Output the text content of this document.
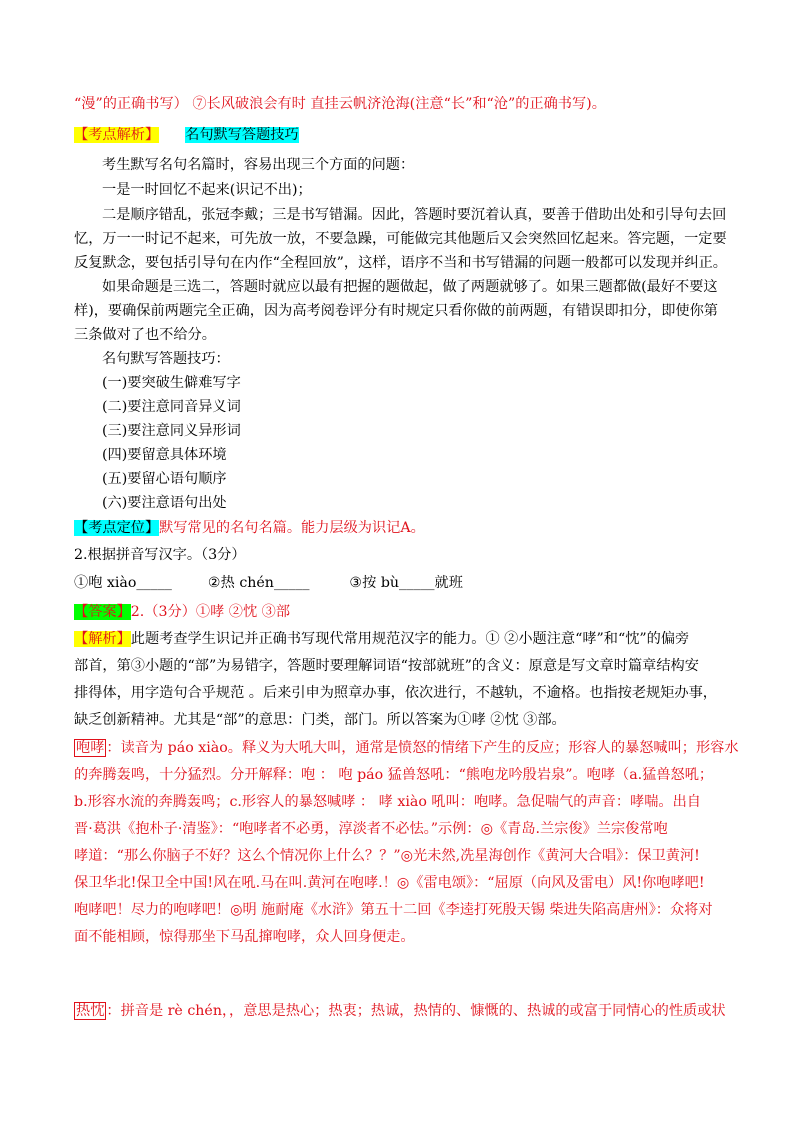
“漫”的正确书写） ⑦长风破浪会有时 直挂云帆济沧海(注意“长”和“沧”的正确书写)。
【考点解析】 名句默写答题技巧
考生默写名句名篇时，容易出现三个方面的问题：
一是一时回忆不起来(识记不出)；
二是顺序错乱，张冠李戴；三是书写错漏。因此，答题时要沉着认真，要善于借助出处和引导句去回
忆，万一一时记不起来，可先放一放，不要急躁，可能做完其他题后又会突然回忆起来。答完题，一定要
反复默念，要包括引导句在内作“全程回放”，这样，语序不当和书写错漏的问题一般都可以发现并纠正。
如果命题是三选二，答题时就应以最有把握的题做起，做了两题就够了。如果三题都做(最好不要这
样)，要确保前两题完全正确，因为高考阅卷评分有时规定只看你做的前两题，有错误即扣分，即使你第
三条做对了也不给分。
名句默写答题技巧：
(一)要突破生僻难写字
(二)要注意同音异义词
(三)要注意同义异形词
(四)要留意具体环境
(五)要留心语句顺序
(六)要注意语句出处
【考点定位】默写常见的名句名篇。能力层级为识记A。
2.根据拼音写汉字。（3分）
①咆 xiào_____	②热 chén_____	③按 bù_____就班
【答案】2.（3分）①哮 ②忱 ③部
【解析】此题考查学生识记并正确书写现代常用规范汉字的能力。① ②小题注意“哮”和“忱”的偏旁
部首，第③小题的“部”为易错字，答题时要理解词语“按部就班”的含义：原意是写文章时篇章结构安
排得体，用字造句合乎规范 。后来引申为照章办事，依次进行，不越轨，不逾格。也指按老规矩办事，
缺乏创新精神。尤其是“部”的意思：门类，部门。所以答案为①哮 ②忱 ③部。
咆哮 ：读音为 páo xiào。释义为大吼大叫，通常是愤怒的情绪下产生的反应；形容人的暴怒喊叫；形容水
的奔腾轰鸣，十分猛烈。分开解释：咆 ： 咆 páo 猛兽怒吼：“熊咆龙吟殷岩泉”。咆哮（a.猛兽怒吼；
b.形容水流的奔腾轰鸣；c.形容人的暴怒喊哮 ： 哮 xiào 吼叫：咆哮。急促喘气的声音：哮喘。出自
晋·葛洪《抱朴子·清鉴》：“咆哮者不必勇，淳淡者不必怯。”示例：◎《青岛.兰宗俊》兰宗俊常咆
哮道：“那么你脑子不好？这么个情况你上什么？？”◎光未然,冼星海创作《黄河大合唱》：保卫黄河!
保卫华北!保卫全中国!风在吼.马在叫.黄河在咆哮.！◎《雷电颂》：“屈原（向风及雷电）风!你咆哮吧!
咆哮吧！尽力的咆哮吧！◎明 施耐庵《水浒》第五十二回《李逵打死殷天锡 柴进失陷高唐州》：众将对
面不能相顾，惊得那坐下马乱撺咆哮，众人回身便走。
热忱 ：拼音是 rè chén，，意思是热心；热衷；热诚，热情的、慷慨的、热诚的或富于同情心的性质或状
